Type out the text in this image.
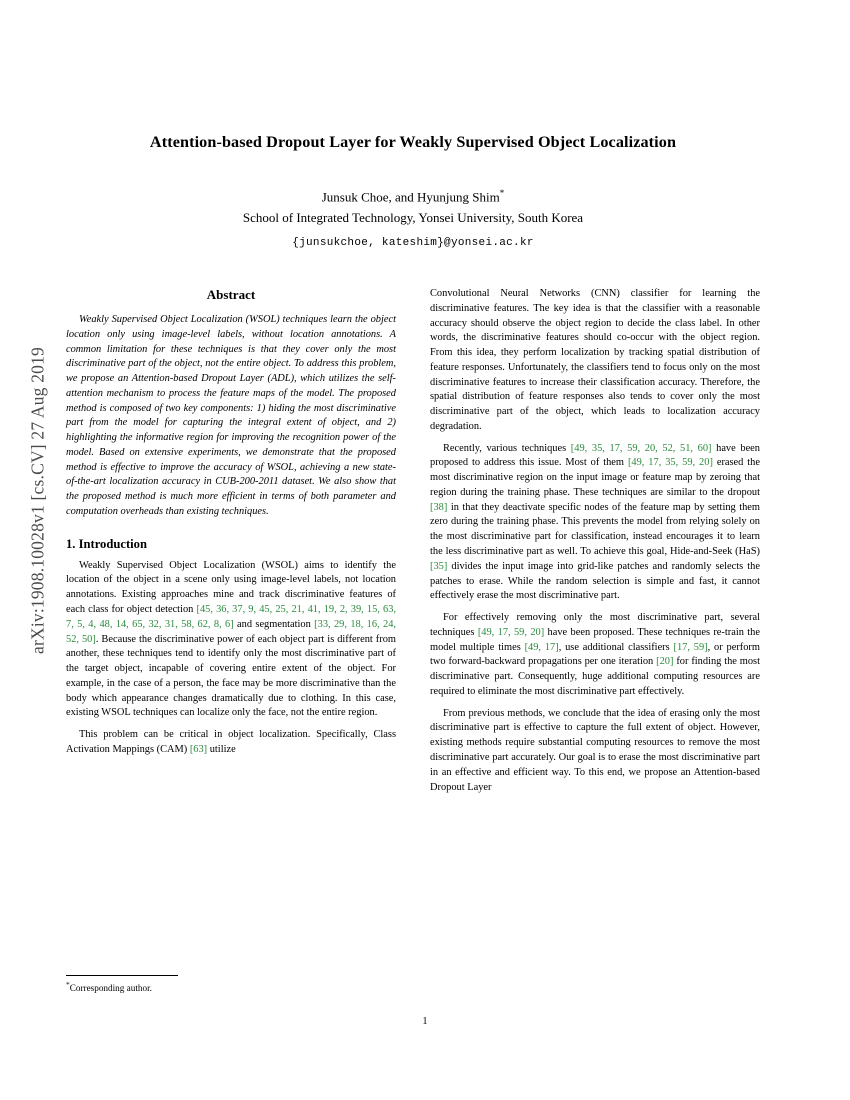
arXiv:1908.10028v1 [cs.CV] 27 Aug 2019
Attention-based Dropout Layer for Weakly Supervised Object Localization
Junsuk Choe, and Hyunjung Shim*
School of Integrated Technology, Yonsei University, South Korea
{junsukchoe, kateshim}@yonsei.ac.kr
Abstract

Weakly Supervised Object Localization (WSOL) techniques learn the object location only using image-level labels, without location annotations. A common limitation for these techniques is that they cover only the most discriminative part of the object, not the entire object. To address this problem, we propose an Attention-based Dropout Layer (ADL), which utilizes the self-attention mechanism to process the feature maps of the model. The proposed method is composed of two key components: 1) hiding the most discriminative part from the model for capturing the integral extent of object, and 2) highlighting the informative region for improving the recognition power of the model. Based on extensive experiments, we demonstrate that the proposed method is effective to improve the accuracy of WSOL, achieving a new state-of-the-art localization accuracy in CUB-200-2011 dataset. We also show that the proposed method is much more efficient in terms of both parameter and computation overheads than existing techniques.

1. Introduction

Weakly Supervised Object Localization (WSOL) aims to identify the location of the object in a scene only using image-level labels, not location annotations. Existing approaches mine and track discriminative features of each class for object detection [45, 36, 37, 9, 45, 25, 21, 41, 19, 2, 39, 15, 63, 7, 5, 4, 48, 14, 65, 32, 31, 58, 62, 8, 6] and segmentation [33, 29, 18, 16, 24, 52, 50]. Because the discriminative power of each object part is different from another, these techniques tend to identify only the most discriminative part of the target object, incapable of covering entire extent of the object. For example, in the case of a person, the face may be more discriminative than the body which appearance changes dramatically due to clothing. In this case, existing WSOL techniques can localize only the face, not the entire region.

This problem can be critical in object localization. Specifically, Class Activation Mappings (CAM) [63] utilize

Convolutional Neural Networks (CNN) classifier for learning the discriminative features. The key idea is that the classifier with a reasonable accuracy should observe the object region to decide the class label. In other words, the discriminative features should co-occur with the object region. From this idea, they perform localization by tracking spatial distribution of feature responses. Unfortunately, the classifiers tend to focus only on the most discriminative features to increase their classification accuracy. Therefore, the spatial distribution of feature responses also tends to cover only the most discriminative part of the object, which leads to localization accuracy degradation.

Recently, various techniques [49, 35, 17, 59, 20, 52, 51, 60] have been proposed to address this issue. Most of them [49, 17, 35, 59, 20] erased the most discriminative region on the input image or feature map by zeroing that region during the training phase. These techniques are similar to the dropout [38] in that they deactivate specific nodes of the feature map by setting them zero during the training phase. This prevents the model from relying solely on the most discriminative part for classification, instead encourages it to learn the less discriminative part as well. To achieve this goal, Hide-and-Seek (HaS) [35] divides the input image into grid-like patches and randomly selects the patches to erase. While the random selection is simple and fast, it cannot effectively erase the most discriminative part.

For effectively removing only the most discriminative part, several techniques [49, 17, 59, 20] have been proposed. These techniques re-train the model multiple times [49, 17], use additional classifiers [17, 59], or perform two forward-backward propagations per one iteration [20] for finding the most discriminative part. Consequently, huge additional computing resources are required to eliminate the most discriminative part effectively.

From previous methods, we conclude that the idea of erasing only the most discriminative part is effective to capture the full extent of object. However, existing methods require substantial computing resources to remove the most discriminative part accurately. Our goal is to erase the most discriminative part in an effective and efficient way. To this end, we propose an Attention-based Dropout Layer

*Corresponding author.
1
